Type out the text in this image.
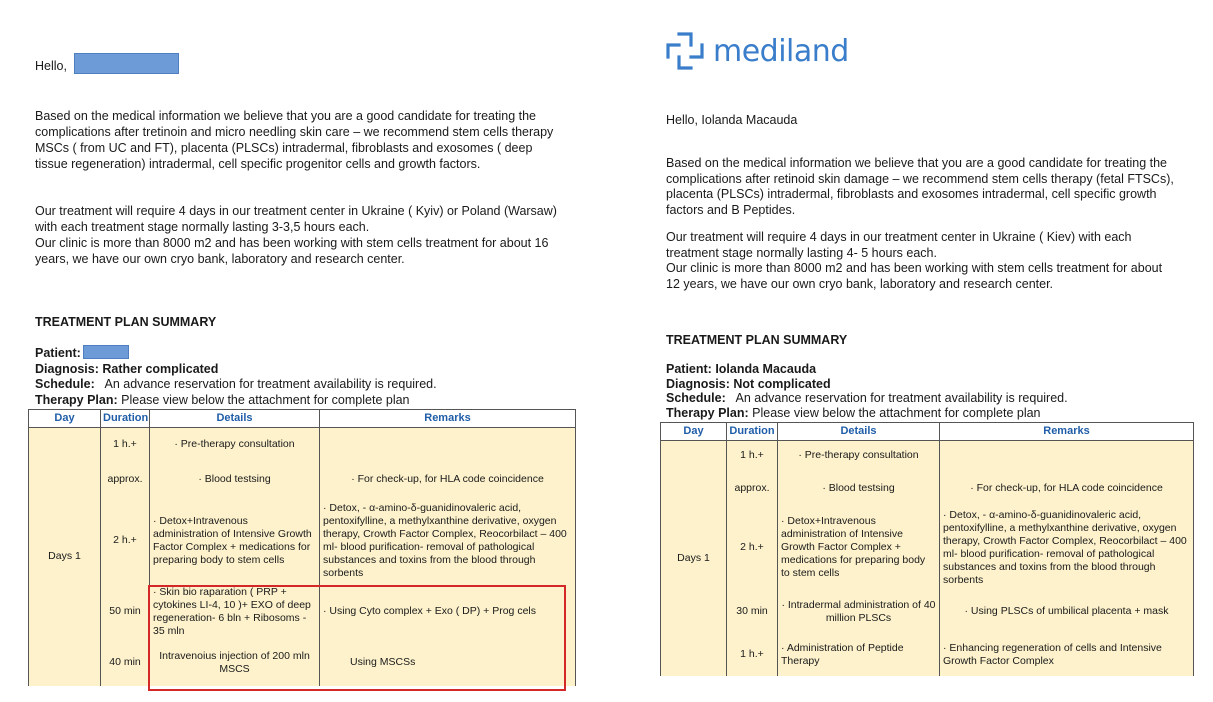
Hello,

Based on the medical information we believe that you are a good candidate for treating the complications after tretinoin and micro needling skin care – we recommend stem cells therapy MSCs ( from UC and FT), placenta (PLSCs) intradermal, fibroblasts and exosomes ( deep tissue regeneration) intradermal, cell specific progenitor cells and growth factors.

Our treatment will require 4 days in our treatment center in Ukraine ( Kyiv) or Poland (Warsaw) with each treatment stage normally lasting 3-3,5 hours each.

Our clinic is more than 8000 m2 and has been working with stem cells treatment for about 16 years, we have our own cryo bank, laboratory and research center.

TREATMENT PLAN SUMMARY
Patient:
Diagnosis: Rather complicated
Schedule: An advance reservation for treatment availability is required.
Therapy Plan: Please view below the attachment for complete plan
Day	Duration	Details	Remarks
Days 1	1 h.+	· Pre-therapy consultation	
	approx.	· Blood testsing	· For check-up, for HLA code coincidence
	2 h.+	· Detox+Intravenous administration of Intensive Growth Factor Complex + medications for preparing body to stem cells	· Detox, - α-amino-δ-guanidinovaleric acid, pentoxifylline, a methylxanthine derivative, oxygen therapy, Crowth Factor Complex, Reocorbilact – 400 ml- blood purification- removal of pathological substances and toxins from the blood through sorbents
	50 min	· Skin bio raparation ( PRP + cytokines LI-4, 10 )+ EXO of deep regeneration- 6 bln + Ribosoms - 35 mln	· Using Cyto complex + Exo ( DP) + Prog cels
	40 min	Intravenoius injection of 200 mln MSCS	Using MSCSs
mediland
Hello, Iolanda Macauda

Based on the medical information we believe that you are a good candidate for treating the complications after retinoid skin damage – we recommend stem cells therapy (fetal FTSCs), placenta (PLSCs) intradermal, fibroblasts and exosomes intradermal, cell specific growth factors and B Peptides.

Our treatment will require 4 days in our treatment center in Ukraine ( Kiev) with each treatment stage normally lasting 4- 5 hours each.

Our clinic is more than 8000 m2 and has been working with stem cells treatment for about 12 years, we have our own cryo bank, laboratory and research center.

TREATMENT PLAN SUMMARY
Patient: Iolanda Macauda
Diagnosis: Not complicated
Schedule: An advance reservation for treatment availability is required.
Therapy Plan: Please view below the attachment for complete plan
Day	Duration	Details	Remarks
Days 1	1 h.+	· Pre-therapy consultation	
	approx.	· Blood testsing	· For check-up, for HLA code coincidence
	2 h.+	· Detox+Intravenous administration of Intensive Growth Factor Complex + medications for preparing body to stem cells	· Detox, - α-amino-δ-guanidinovaleric acid, pentoxifylline, a methylxanthine derivative, oxygen therapy, Crowth Factor Complex, Reocorbilact – 400 ml- blood purification- removal of pathological substances and toxins from the blood through sorbents
	30 min	· Intradermal administration of 40 million PLSCs	· Using PLSCs of umbilical placenta + mask
	1 h.+	· Administration of Peptide Therapy	· Enhancing regeneration of cells and Intensive Growth Factor Complex
